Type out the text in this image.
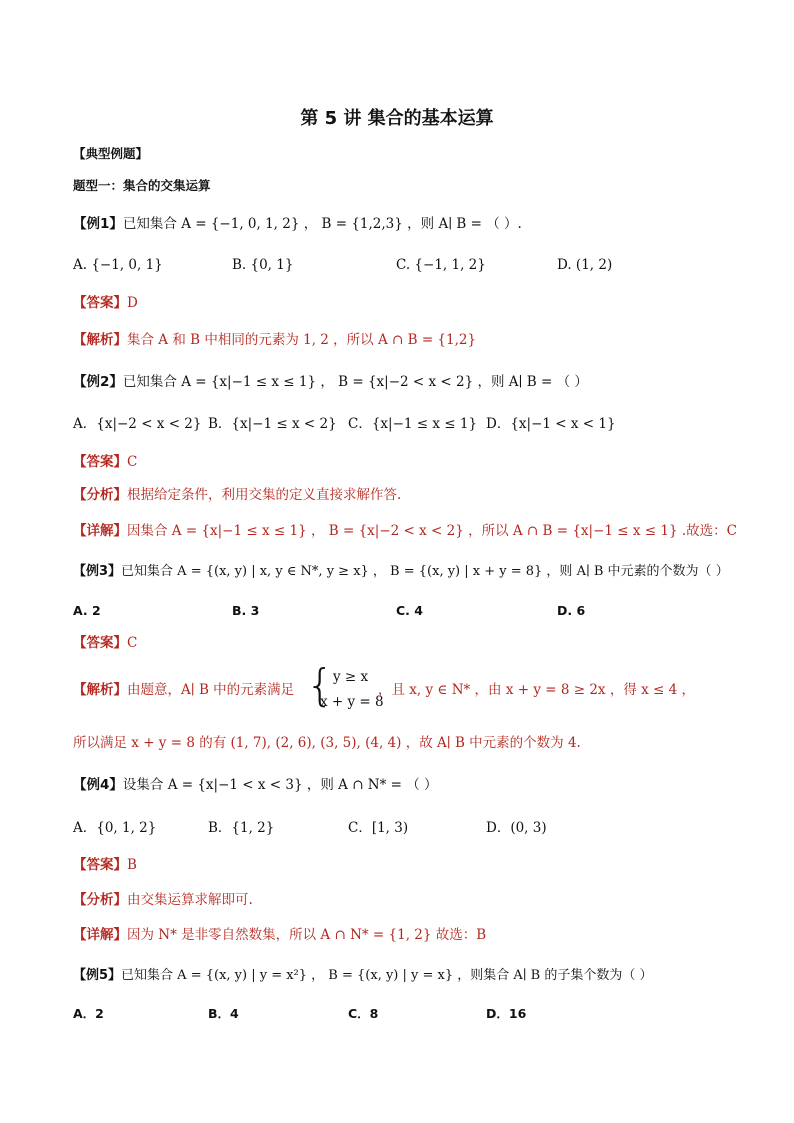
第 5 讲 集合的基本运算
【典型例题】
题型一：集合的交集运算
【例1】已知集合 A = {−1, 0, 1, 2} ， B = {1,2,3} ，则 A∣ B = （ ）.
A. {−1, 0, 1}	B. {0, 1}	C. {−1, 1, 2}	D. (1, 2)
【答案】D
【解析】集合 A 和 B 中相同的元素为 1, 2 ，所以 A ∩ B = {1,2}
【例2】已知集合 A = {x|−1 ≤ x ≤ 1} ， B = {x|−2 < x < 2} ，则 A∣ B = （ ）
A．{x|−2 < x < 2} B．{x|−1 ≤ x < 2} C．{x|−1 ≤ x ≤ 1} D．{x|−1 < x < 1}
【答案】C
【分析】根据给定条件，利用交集的定义直接求解作答.
【详解】因集合 A = {x|−1 ≤ x ≤ 1} ， B = {x|−2 < x < 2} ，所以 A ∩ B = {x|−1 ≤ x ≤ 1} .故选：C
【例3】已知集合 A = {(x, y) | x, y ∈ N*, y ≥ x} ， B = {(x, y) | x + y = 8} ，则 A∣ B 中元素的个数为（ ）
A. 2	B. 3	C. 4	D. 6
【答案】C
【解析】由题意，A∣ B 中的元素满足 { y ≥ x
x + y = 8
，且 x, y ∈ N* ，由 x + y = 8 ≥ 2x ，得 x ≤ 4 ，
所以满足 x + y = 8 的有 (1, 7), (2, 6), (3, 5), (4, 4) ，故 A∣ B 中元素的个数为 4.
【例4】设集合 A = {x|−1 < x < 3} ，则 A ∩ N* = （ ）
A．{0, 1, 2}	B．{1, 2}	C．[1, 3)	D．(0, 3)
【答案】B
【分析】由交集运算求解即可.
【详解】因为 N* 是非零自然数集，所以 A ∩ N* = {1, 2} 故选：B
【例5】已知集合 A = {(x, y) | y = x²} ， B = {(x, y) | y = x} ，则集合 A∣ B 的子集个数为（ ）
A．2	B．4	C．8	D．16
